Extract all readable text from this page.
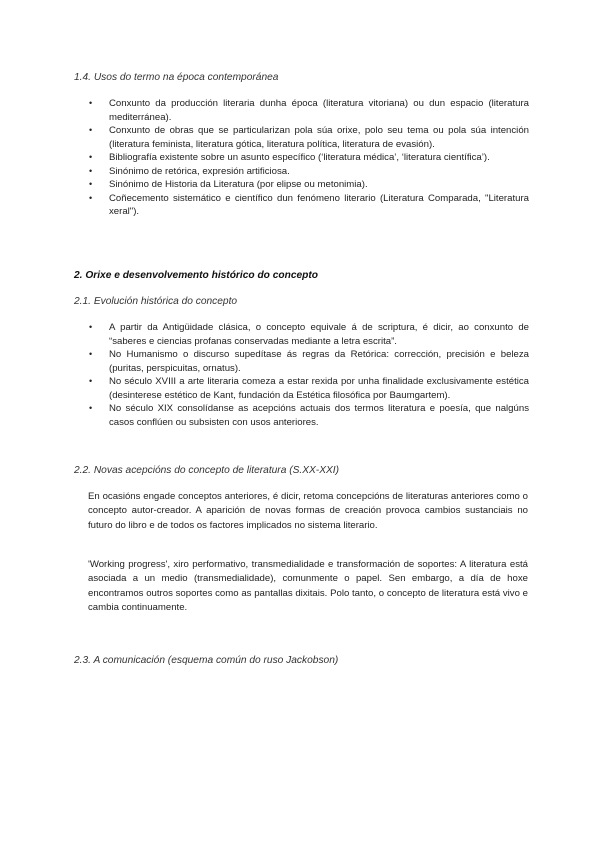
1.4. Usos do termo na época contemporánea
• Conxunto da producción literaria dunha época (literatura vitoriana) ou dun espacio (literatura mediterránea).
• Conxunto de obras que se particularizan pola súa orixe, polo seu tema ou pola súa intención (literatura feminista, literatura gótica, literatura política, literatura de evasión).
• Bibliografía existente sobre un asunto específico (‘literatura médica’, ‘literatura científica’).
• Sinónimo de retórica, expresión artificiosa.
• Sinónimo de Historia da Literatura (por elipse ou metonimia).
• Coñecemento sistemático e científico dun fenómeno literario (Literatura Comparada, "Literatura xeral").
2. Orixe e desenvolvemento histórico do concepto
2.1. Evolución histórica do concepto
• A partir da Antigüidade clásica, o concepto equivale á de scriptura, é dicir, ao conxunto de “saberes e ciencias profanas conservadas mediante a letra escrita”.
• No Humanismo o discurso supedítase ás regras da Retórica: corrección, precisión e beleza (puritas, perspicuitas, ornatus).
• No século XVIII a arte literaria comeza a estar rexida por unha finalidade exclusivamente estética (desinterese estético de Kant, fundación da Estética filosófica por Baumgartem).
• No século XIX consolídanse as acepcións actuais dos termos literatura e poesía, que nalgúns casos conflúen ou subsisten con usos anteriores.
2.2. Novas acepcións do concepto de literatura (S.XX-XXI)

En ocasións engade conceptos anteriores, é dicir, retoma concepcións de literaturas anteriores como o concepto autor-creador. A aparición de novas formas de creación provoca cambios sustanciais no futuro do libro e de todos os factores implicados no sistema literario.

'Working progress', xiro performativo, transmedialidade e transformación de soportes: A literatura está asociada a un medio (transmedialidade), comunmente o papel. Sen embargo, a día de hoxe encontramos outros soportes como as pantallas dixitais. Polo tanto, o concepto de literatura está vivo e cambia continuamente.

2.3. A comunicación (esquema común do ruso Jackobson)
